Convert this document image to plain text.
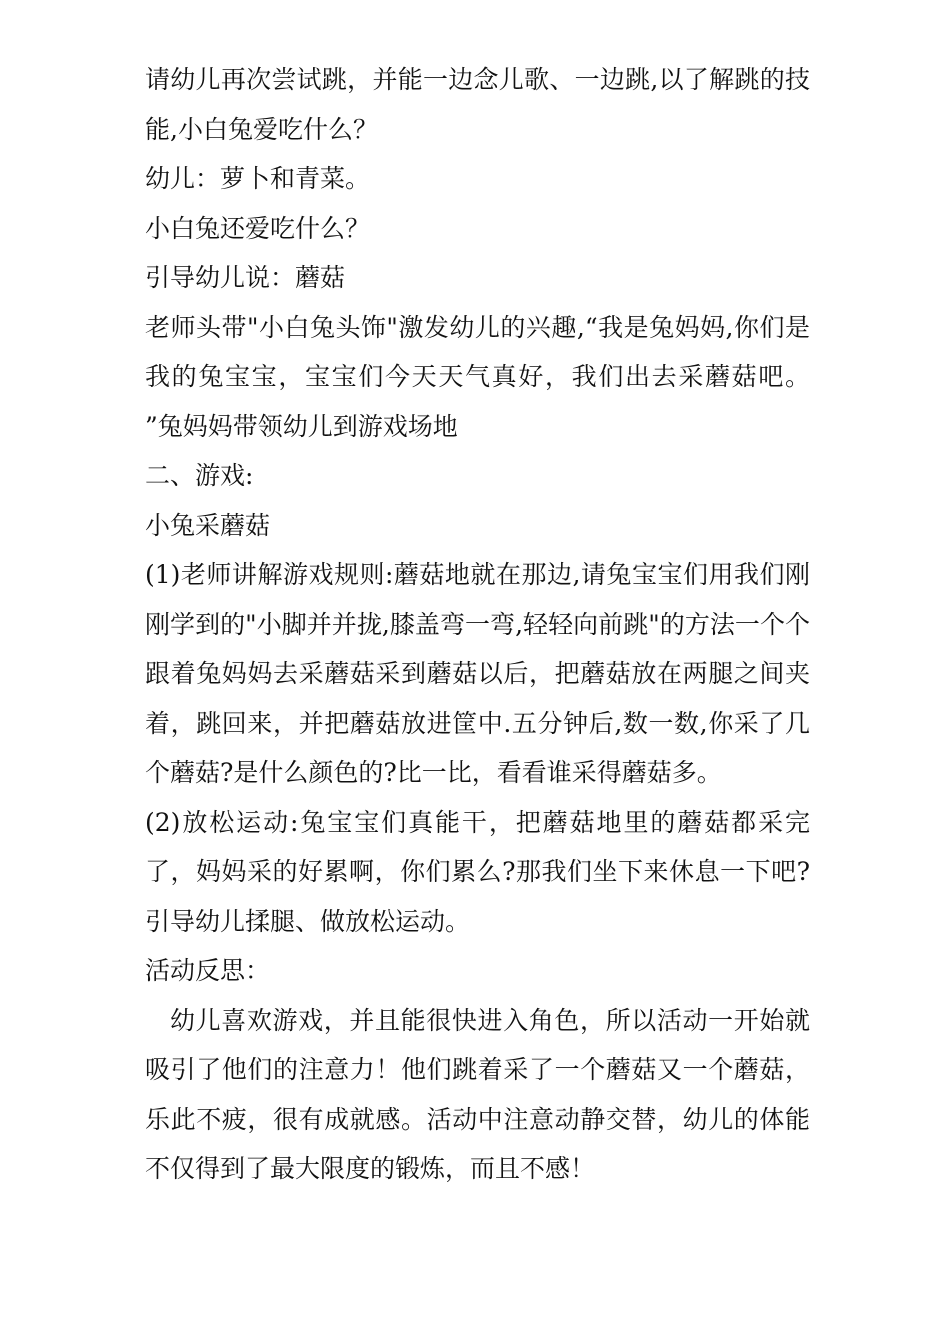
请幼儿再次尝试跳，并能一边念儿歌、一边跳,以了解跳的技能,小白兔爱吃什么？

幼儿：萝卜和青菜。

小白兔还爱吃什么？

引导幼儿说：蘑菇

老师头带"小白兔头饰"激发幼儿的兴趣,“我是兔妈妈,你们是我的兔宝宝，宝宝们今天天气真好，我们出去采蘑菇吧。 ”兔妈妈带领幼儿到游戏场地

二、游戏:

小兔采蘑菇

(1)老师讲解游戏规则:蘑菇地就在那边,请兔宝宝们用我们刚刚学到的"小脚并并拢,膝盖弯一弯,轻轻向前跳"的方法一个个跟着兔妈妈去采蘑菇采到蘑菇以后，把蘑菇放在两腿之间夹着，跳回来，并把蘑菇放进筐中.五分钟后,数一数,你采了几个蘑菇?是什么颜色的?比一比，看看谁采得蘑菇多。

(2)放松运动:兔宝宝们真能干，把蘑菇地里的蘑菇都采完了，妈妈采的好累啊，你们累么?那我们坐下来休息一下吧?引导幼儿揉腿、做放松运动。

活动反思：

幼儿喜欢游戏，并且能很快进入角色，所以活动一开始就吸引了他们的注意力！他们跳着采了一个蘑菇又一个蘑菇，乐此不疲，很有成就感。活动中注意动静交替，幼儿的体能不仅得到了最大限度的锻炼，而且不感！
